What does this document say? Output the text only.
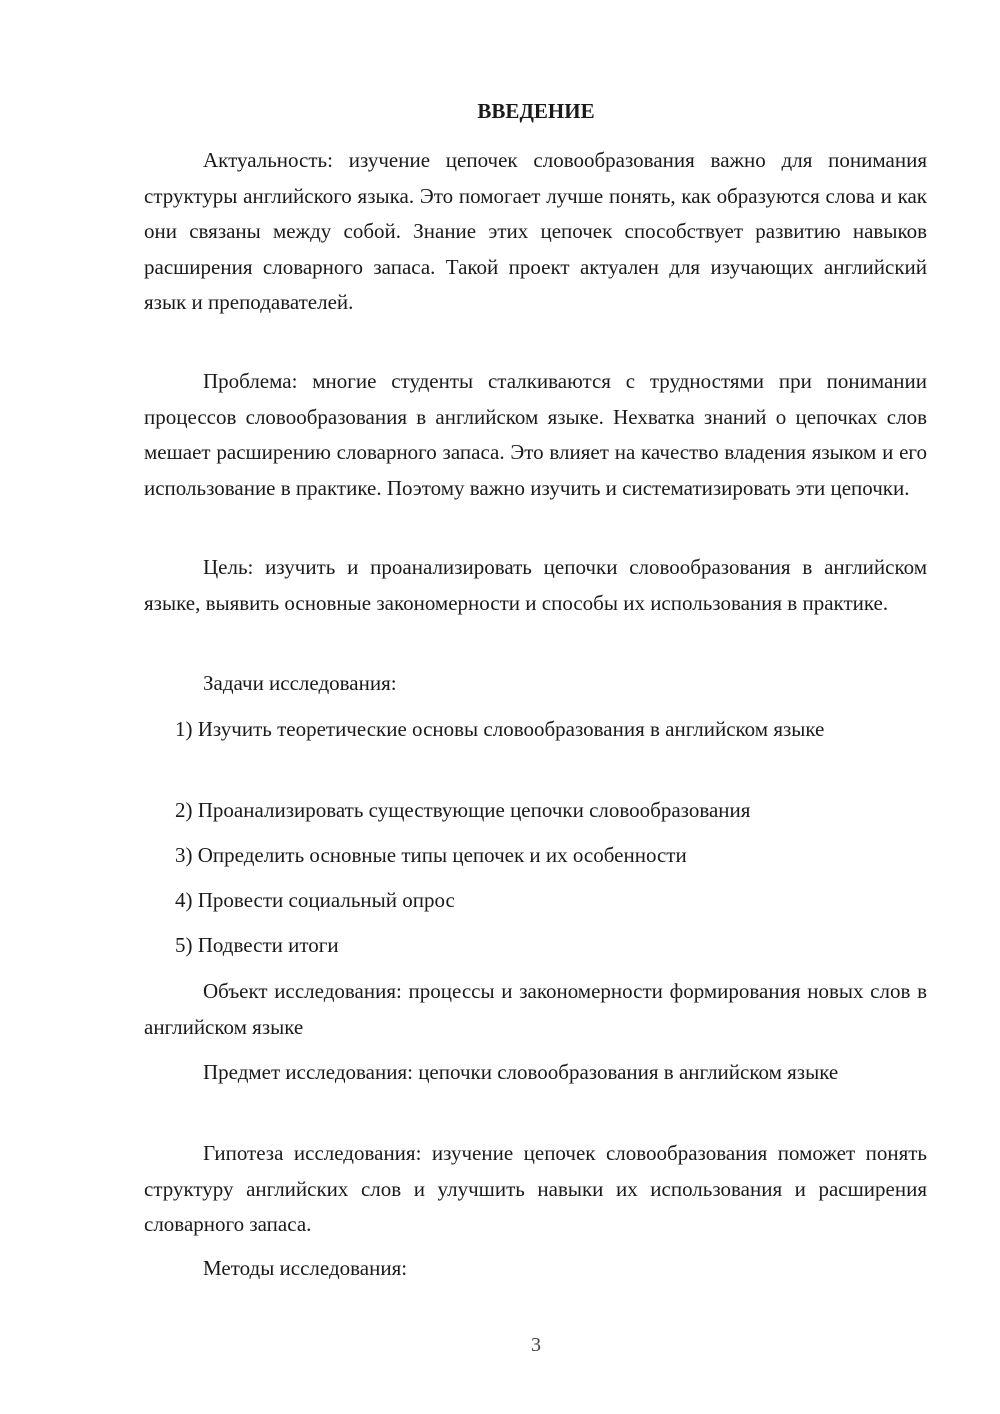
ВВЕДЕНИЕ

Актуальность: изучение цепочек словообразования важно для понимания структуры английского языка. Это помогает лучше понять, как образуются слова и как они связаны между собой. Знание этих цепочек способствует развитию навыков расширения словарного запаса. Такой проект актуален для изучающих английский язык и преподавателей.

Проблема: многие студенты сталкиваются с трудностями при понимании процессов словообразования в английском языке. Нехватка знаний о цепочках слов мешает расширению словарного запаса. Это влияет на качество владения языком и его использование в практике. Поэтому важно изучить и систематизировать эти цепочки.

Цель: изучить и проанализировать цепочки словообразования в английском языке, выявить основные закономерности и способы их использования в практике.

Задачи исследования:

1) Изучить теоретические основы словообразования в английском языке

2) Проанализировать существующие цепочки словообразования

3) Определить основные типы цепочек и их особенности

4) Провести социальный опрос

5) Подвести итоги

Объект исследования: процессы и закономерности формирования новых слов в английском языке

Предмет исследования: цепочки словообразования в английском языке

Гипотеза исследования: изучение цепочек словообразования поможет понять структуру английских слов и улучшить навыки их использования и расширения словарного запаса.

Методы исследования:

3
